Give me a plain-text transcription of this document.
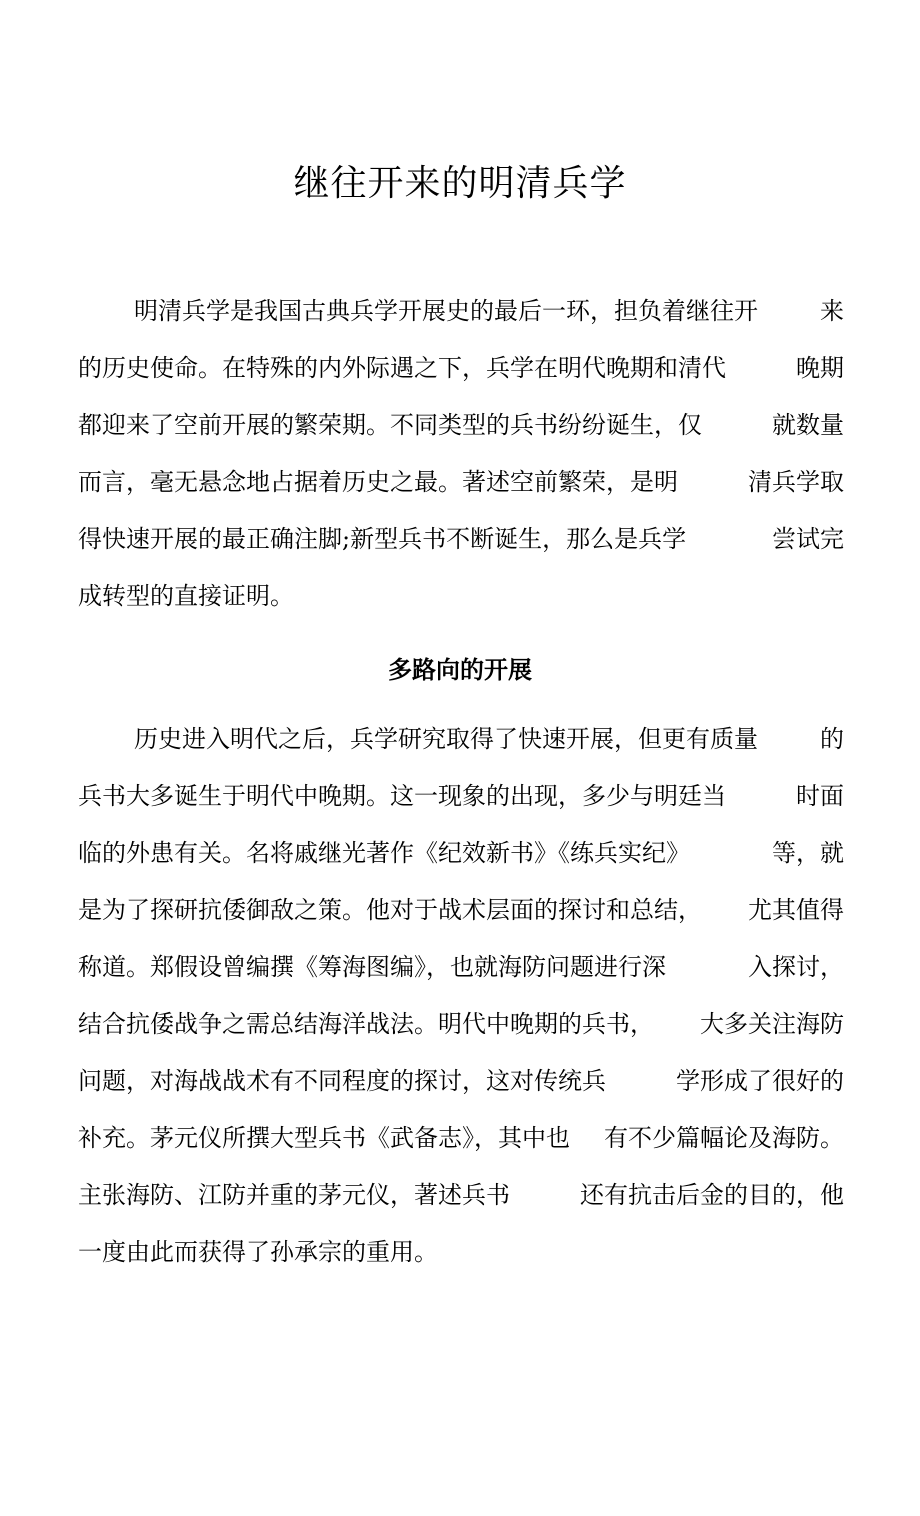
继往开来的明清兵学
明清兵学是我国古典兵学开展史的最后一环，担负着继往开	来
的历史使命。在特殊的内外际遇之下，兵学在明代晚期和清代	晚期
都迎来了空前开展的繁荣期。不同类型的兵书纷纷诞生，仅	就数量
而言，毫无悬念地占据着历史之最。著述空前繁荣，是明	清兵学取
得快速开展的最正确注脚;新型兵书不断诞生，那么是兵学	尝试完
成转型的直接证明。
多路向的开展
历史进入明代之后，兵学研究取得了快速开展，但更有质量	的
兵书大多诞生于明代中晚期。这一现象的出现，多少与明廷当	时面
临的外患有关。名将戚继光著作《纪效新书》《练兵实纪》	等，就
是为了探研抗倭御敌之策。他对于战术层面的探讨和总结， 尤其值得
称道。郑假设曾编撰《筹海图编》，也就海防问题进行深	入探讨，
结合抗倭战争之需总结海洋战法。明代中晚期的兵书， 大多关注海防
问题，对海战战术有不同程度的探讨，这对传统兵	学形成了很好的
补充。茅元仪所撰大型兵书《武备志》，其中也 有不少篇幅论及海防。
主张海防、江防并重的茅元仪，著述兵书	还有抗击后金的目的，他
一度由此而获得了孙承宗的重用。
